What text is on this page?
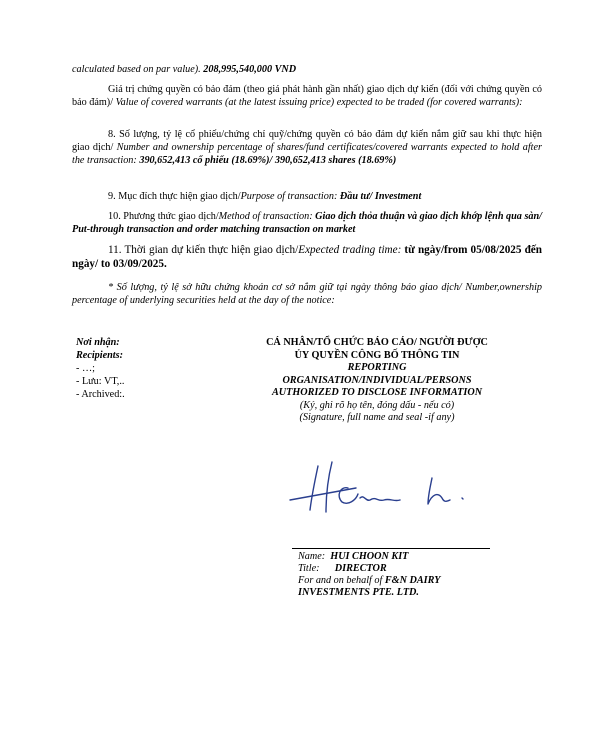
calculated based on par value). 208,995,540,000 VND

Giá trị chứng quyền có bảo đảm (theo giá phát hành gần nhất) giao dịch dự kiến (đối với chứng quyền có bảo đảm)/ Value of covered warrants (at the latest issuing price) expected to be traded (for covered warrants):

8. Số lượng, tỷ lệ cổ phiếu/chứng chỉ quỹ/chứng quyền có bảo đảm dự kiến nắm giữ sau khi thực hiện giao dịch/ Number and ownership percentage of shares/fund certificates/covered warrants expected to hold after the transaction: 390,652,413 cổ phiếu (18.69%)/ 390,652,413 shares (18.69%)

9. Mục đích thực hiện giao dịch/Purpose of transaction: Đầu tư/ Investment

10. Phương thức giao dịch/Method of transaction: Giao dịch thỏa thuận và giao dịch khớp lệnh qua sàn/ Put-through transaction and order matching transaction on market

11. Thời gian dự kiến thực hiện giao dịch/Expected trading time: từ ngày/from 05/08/2025 đến ngày/ to 03/09/2025.

* Số lượng, tỷ lệ sở hữu chứng khoán cơ sở nắm giữ tại ngày thông báo giao dịch/ Number,ownership percentage of underlying securities held at the day of the notice:

Nơi nhận:
Recipients:
- …;
- Lưu: VT,..
- Archived:.
CÁ NHÂN/TỔ CHỨC BÁO CÁO/ NGƯỜI ĐƯỢC
ỦY QUYỀN CÔNG BỐ THÔNG TIN
REPORTING
ORGANISATION/INDIVIDUAL/PERSONS
AUTHORIZED TO DISCLOSE INFORMATION
(Ký, ghi rõ họ tên, đóng dấu - nếu có)
(Signature, full name and seal -if any)
Name: HUI CHOON KIT
Title: DIRECTOR
For and on behalf of F&N DAIRY
INVESTMENTS PTE. LTD.
